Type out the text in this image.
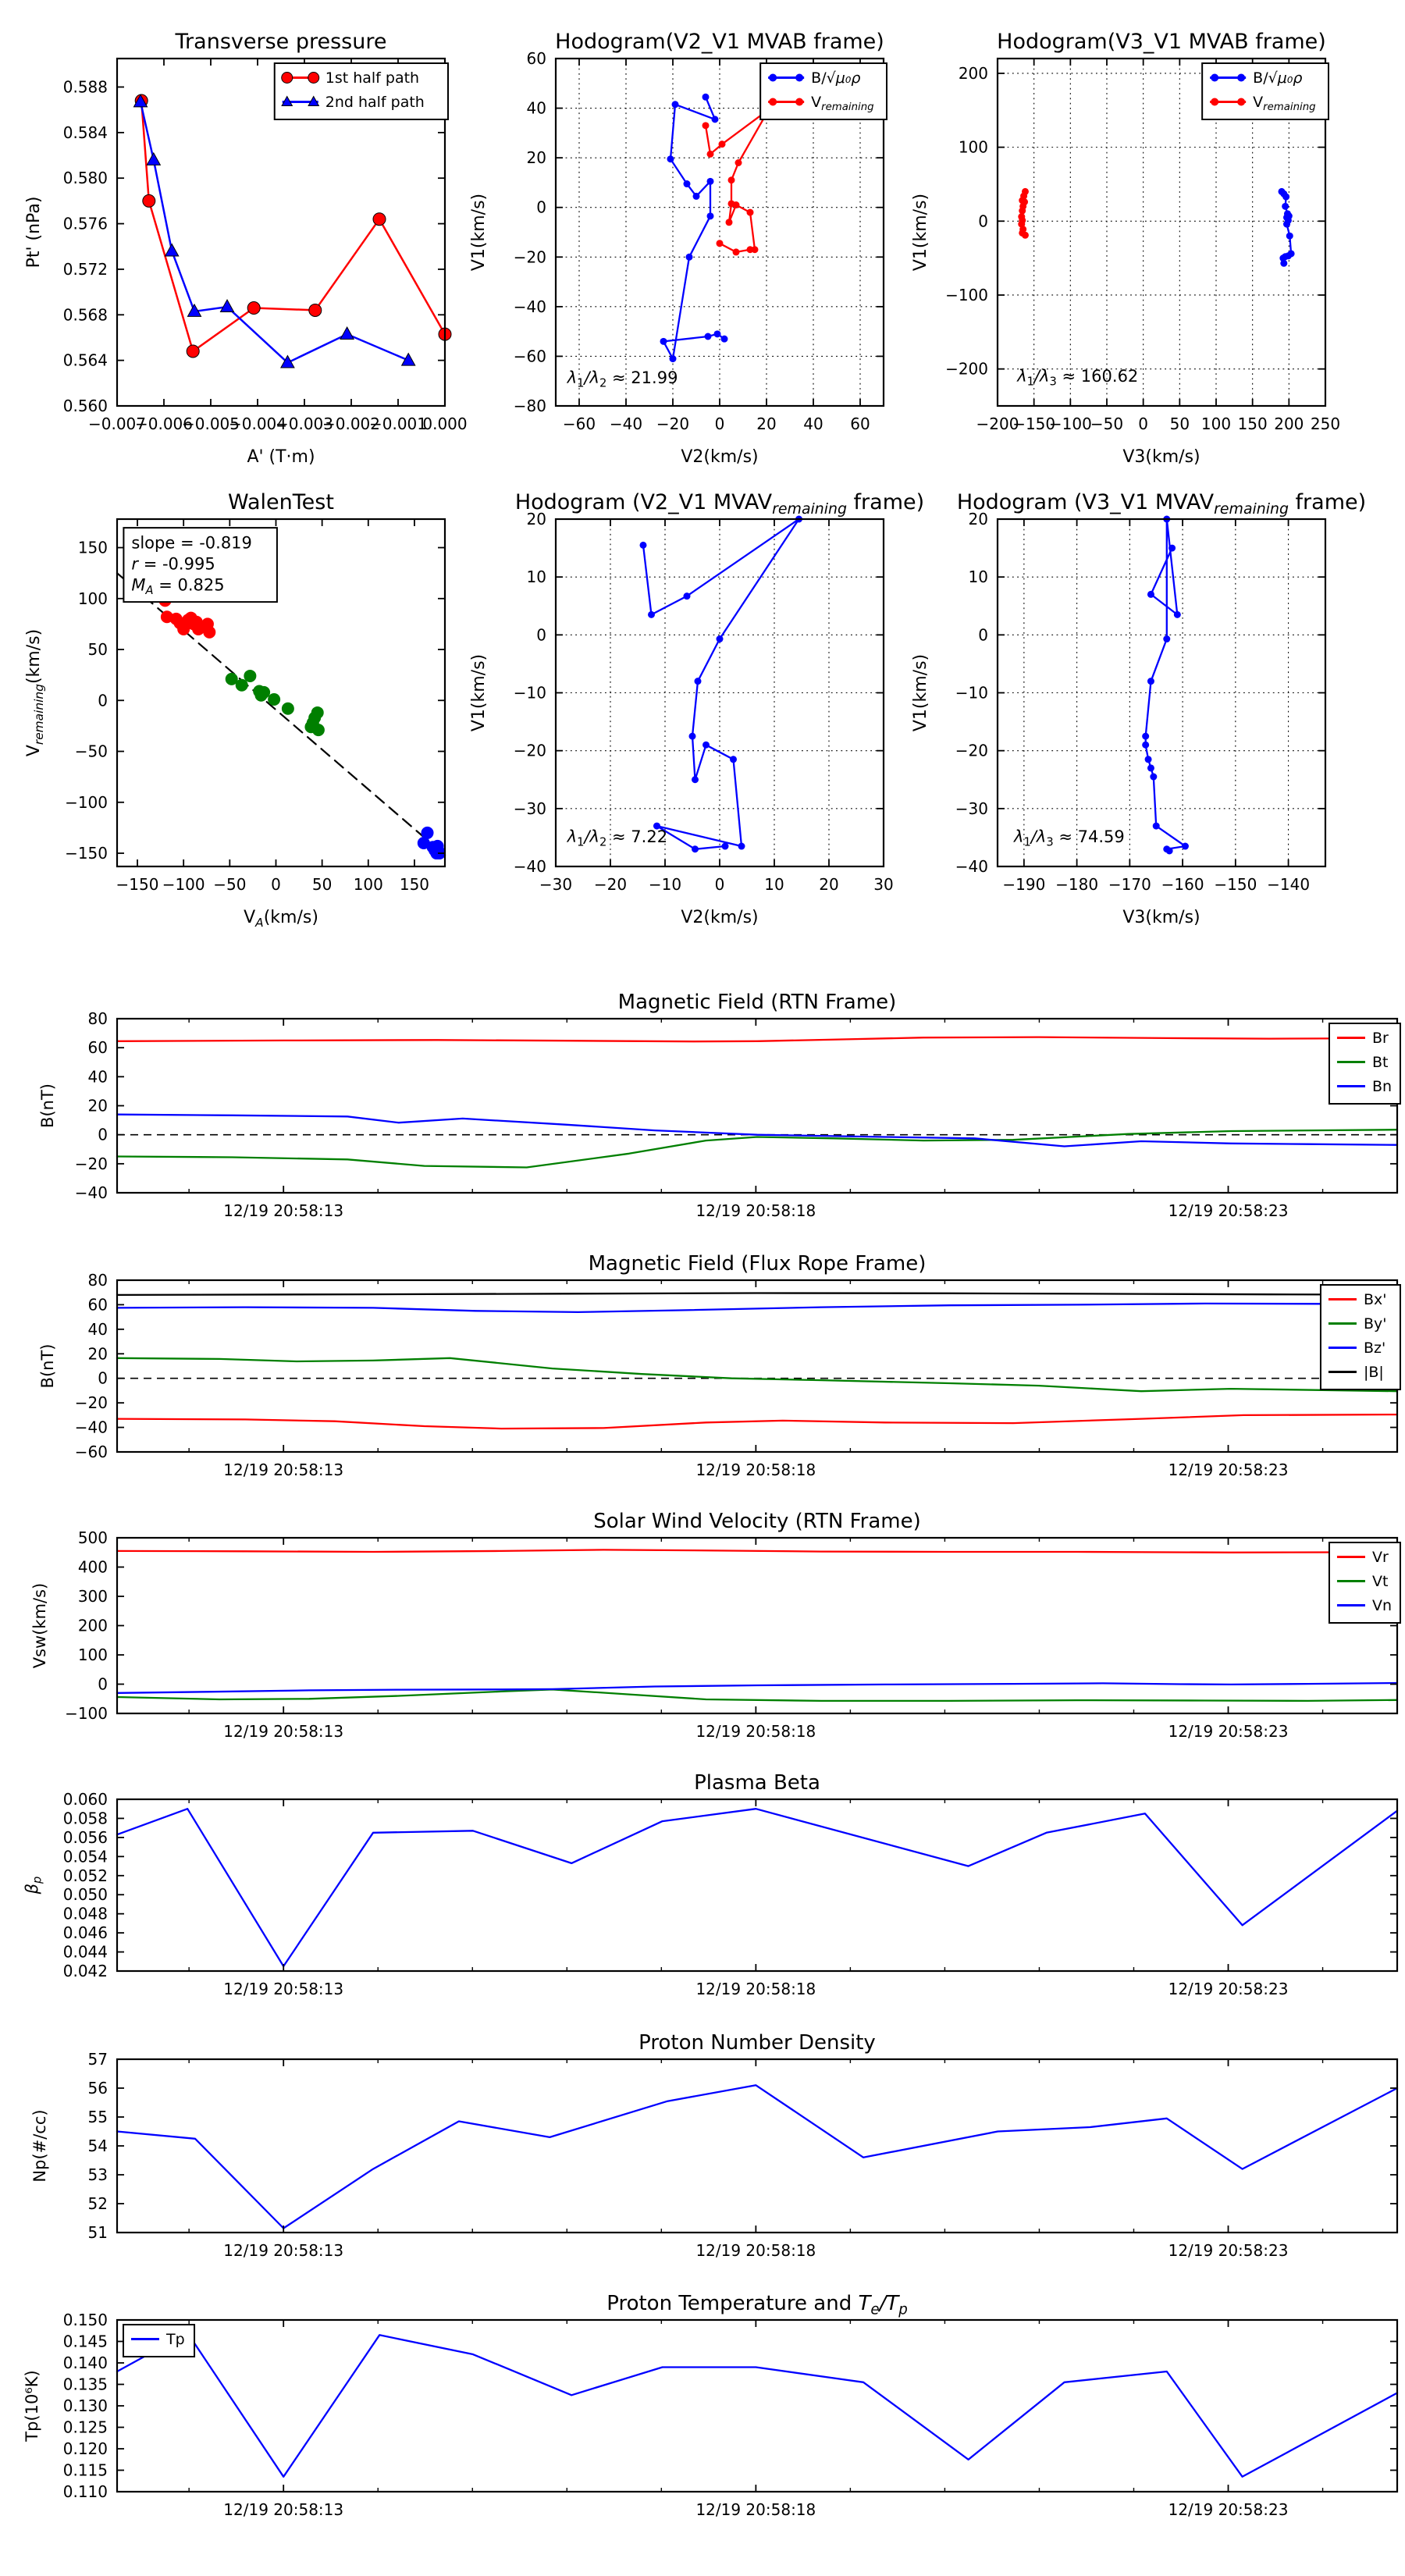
−0.007
−0.006
−0.005
−0.004
−0.003
−0.002
−0.001
0.000
0.560
0.564
0.568
0.572
0.576
0.580
0.584
0.588
Transverse pressure
A' (T·m)
Pt' (nPa)
1st half path
2nd half path
−60 −40 −20 0 20 40 60
−80
−60
−40
−20
0
20
40
60
Hodogram(V2_V1 MVAB frame)
V2(km/s)
V1(km/s)
$\lambda_1/\lambda_2 \approx 21.99$
B/√μ₀ρ
$V_{remaining}$
−200
−150
−100
−50 0 50 100 150 200 250
−200
−100
0
100
200
Hodogram(V3_V1 MVAB frame)
V3(km/s)
V1(km/s)
$\lambda_1/\lambda_3 \approx 160.62$
B/√μ₀ρ
$V_{remaining}$
−150 −100 −50 0 50 100 150
−150
−100
−50
0
50
100
150
WalenTest
$V_A(km/s)$
$V_{remaining}(km/s)$
slope = -0.819
r = -0.995
$M_A = 0.825$
−30 −20 −10 0	10 20 30
−40
−30
−20
−10
0
10
20
Hodogram (V2_V1 $MVAV_{remaining}$ frame)
V2(km/s)
V1(km/s)
$\lambda_1/\lambda_2 \approx 7.22$
−190 −180 −170 −160 −150 −140
−40
−30
−20
−10
0
10
20
Hodogram (V3_V1 $MVAV_{remaining}$ frame)
V3(km/s)
V1(km/s)
$\lambda_1/\lambda_3 \approx 74.59$
12/19 20:58:13	12/19 20:58:18	12/19 20:58:23
−40
−20
0
20
40
60
80
Magnetic Field (RTN Frame)
B(nT)
Br
Bt
Bn
12/19 20:58:13	12/19 20:58:18	12/19 20:58:23
−60
−40
−20
0
20
40
60
80
Magnetic Field (Flux Rope Frame)
B(nT)
Bx'
By'
Bz'
|B|
12/19 20:58:13	12/19 20:58:18	12/19 20:58:23
−100
0
100
200
300
400
500
Solar Wind Velocity (RTN Frame)
Vsw(km/s)
Vr
Vt
Vn
12/19 20:58:13	12/19 20:58:18	12/19 20:58:23
0.042
0.044
0.046
0.048
0.050
0.052
0.054
0.056
0.058
0.060
Plasma Beta
$\beta_p$
12/19 20:58:13	12/19 20:58:18	12/19 20:58:23
51
52
53
54
55
56
57
Proton Number Density
Np(#/cc)
12/19 20:58:13	12/19 20:58:18	12/19 20:58:23
0.110
0.115
0.120
0.125
0.130
0.135
0.140
0.145
0.150
Proton Temperature and $T_e/T_p$
Tp(10⁶K)
Tp
